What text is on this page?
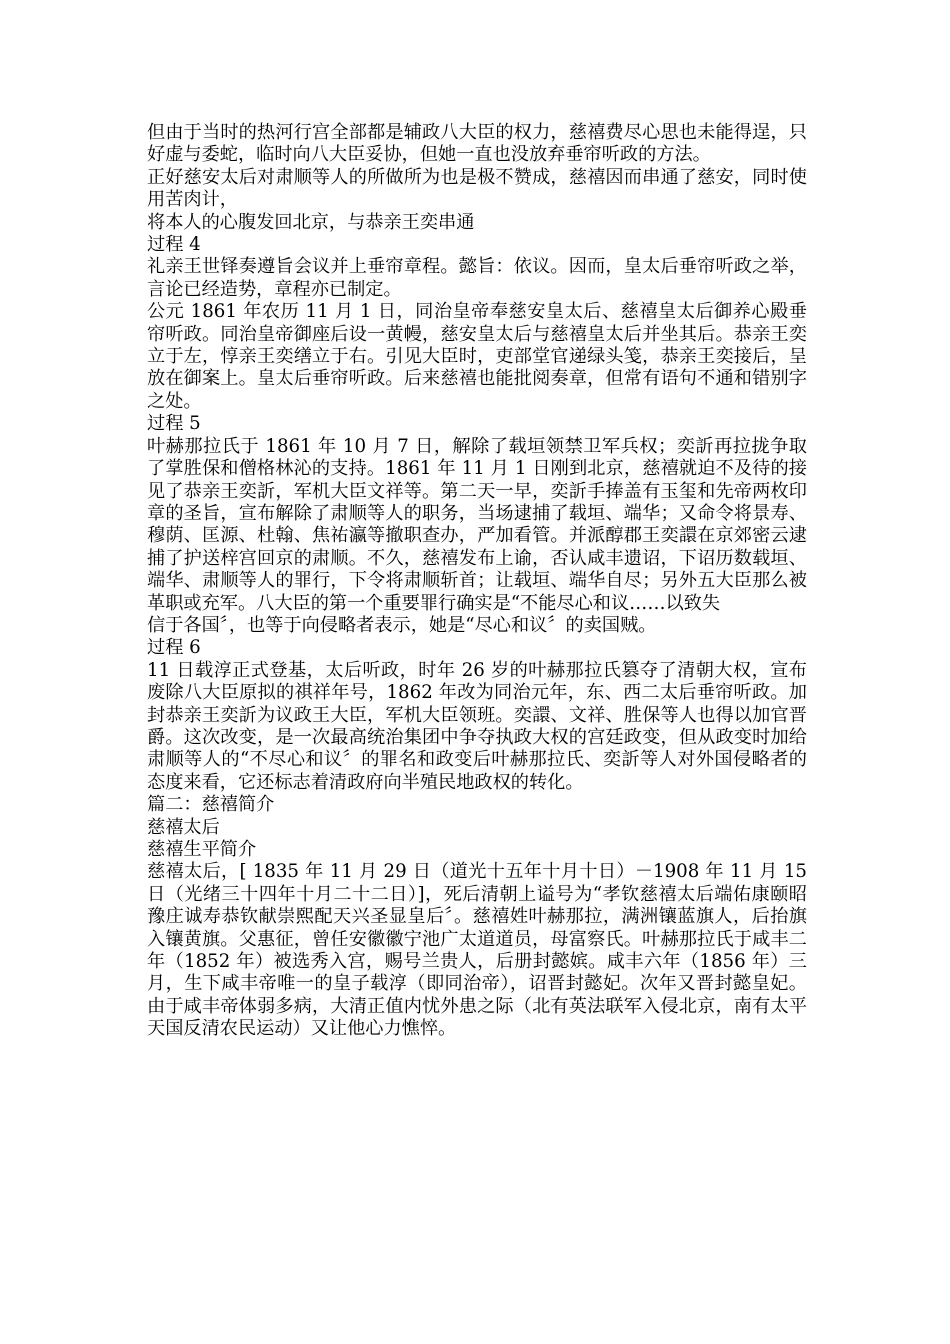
但由于当时的热河行宫全部都是辅政八大臣的权力，慈禧费尽心思也未能得逞，只好虚与委蛇，临时向八大臣妥协，但她一直也没放弃垂帘听政的方法。

正好慈安太后对肃顺等人的所做所为也是极不赞成，慈禧因而串通了慈安，同时使用苦肉计，

将本人的心腹发回北京，与恭亲王奕串通

过程 4

礼亲王世铎奏遵旨会议并上垂帘章程。懿旨：依议。因而，皇太后垂帘听政之举，言论已经造势，章程亦已制定。

公元 1861 年农历 11 月 1 日，同治皇帝奉慈安皇太后、慈禧皇太后御养心殿垂帘听政。同治皇帝御座后设一黄幔，慈安皇太后与慈禧皇太后并坐其后。恭亲王奕立于左，惇亲王奕缮立于右。引见大臣时，吏部堂官递绿头笺，恭亲王奕接后，呈放在御案上。皇太后垂帘听政。后来慈禧也能批阅奏章，但常有语句不通和错别字之处。

过程 5

叶赫那拉氏于 1861 年 10 月 7 日，解除了载垣领禁卫军兵权；奕訢再拉拢争取了掌胜保和僧格林沁的支持。1861 年 11 月 1 日刚到北京，慈禧就迫不及待的接见了恭亲王奕訢，军机大臣文祥等。第二天一早，奕訢手捧盖有玉玺和先帝两枚印章的圣旨，宣布解除了肃顺等人的职务，当场逮捕了载垣、端华；又命令将景寿、穆荫、匡源、杜翰、焦祐瀛等撤职查办，严加看管。并派醇郡王奕譞在京郊密云逮捕了护送梓宫回京的肃顺。不久，慈禧发布上谕，否认咸丰遗诏，下诏历数载垣、端华、肃顺等人的罪行，下令将肃顺斩首；让载垣、端华自尽；另外五大臣那么被革职或充军。八大臣的第一个重要罪行确实是“不能尽心和议……以致失

信于各国〞，也等于向侵略者表示，她是“尽心和议〞的卖国贼。

过程 6

11 日载淳正式登基，太后听政，时年 26 岁的叶赫那拉氏篡夺了清朝大权，宣布废除八大臣原拟的祺祥年号，1862 年改为同治元年，东、西二太后垂帘听政。加封恭亲王奕訢为议政王大臣，军机大臣领班。奕譞、文祥、胜保等人也得以加官晋爵。这次改变，是一次最高统治集团中争夺执政大权的宫廷政变，但从政变时加给肃顺等人的“不尽心和议〞的罪名和政变后叶赫那拉氏、奕訢等人对外国侵略者的态度来看，它还标志着清政府向半殖民地政权的转化。

篇二：慈禧简介

慈禧太后

慈禧生平简介

慈禧太后，[ 1835 年 11 月 29 日（道光十五年十月十日）－1908 年 11 月 15 日（光绪三十四年十月二十二日）]，死后清朝上谥号为“孝钦慈禧太后端佑康颐昭豫庄诚寿恭钦献崇熙配天兴圣显皇后〞。慈禧姓叶赫那拉，满洲镶蓝旗人，后抬旗入镶黄旗。父惠征，曾任安徽徽宁池广太道道员，母富察氏。叶赫那拉氏于咸丰二年（1852 年）被选秀入宫，赐号兰贵人，后册封懿嫔。咸丰六年（1856 年）三月，生下咸丰帝唯一的皇子载淳（即同治帝），诏晋封懿妃。次年又晋封懿皇妃。由于咸丰帝体弱多病，大清正值内忧外患之际（北有英法联军入侵北京，南有太平天国反清农民运动）又让他心力憔悴。
